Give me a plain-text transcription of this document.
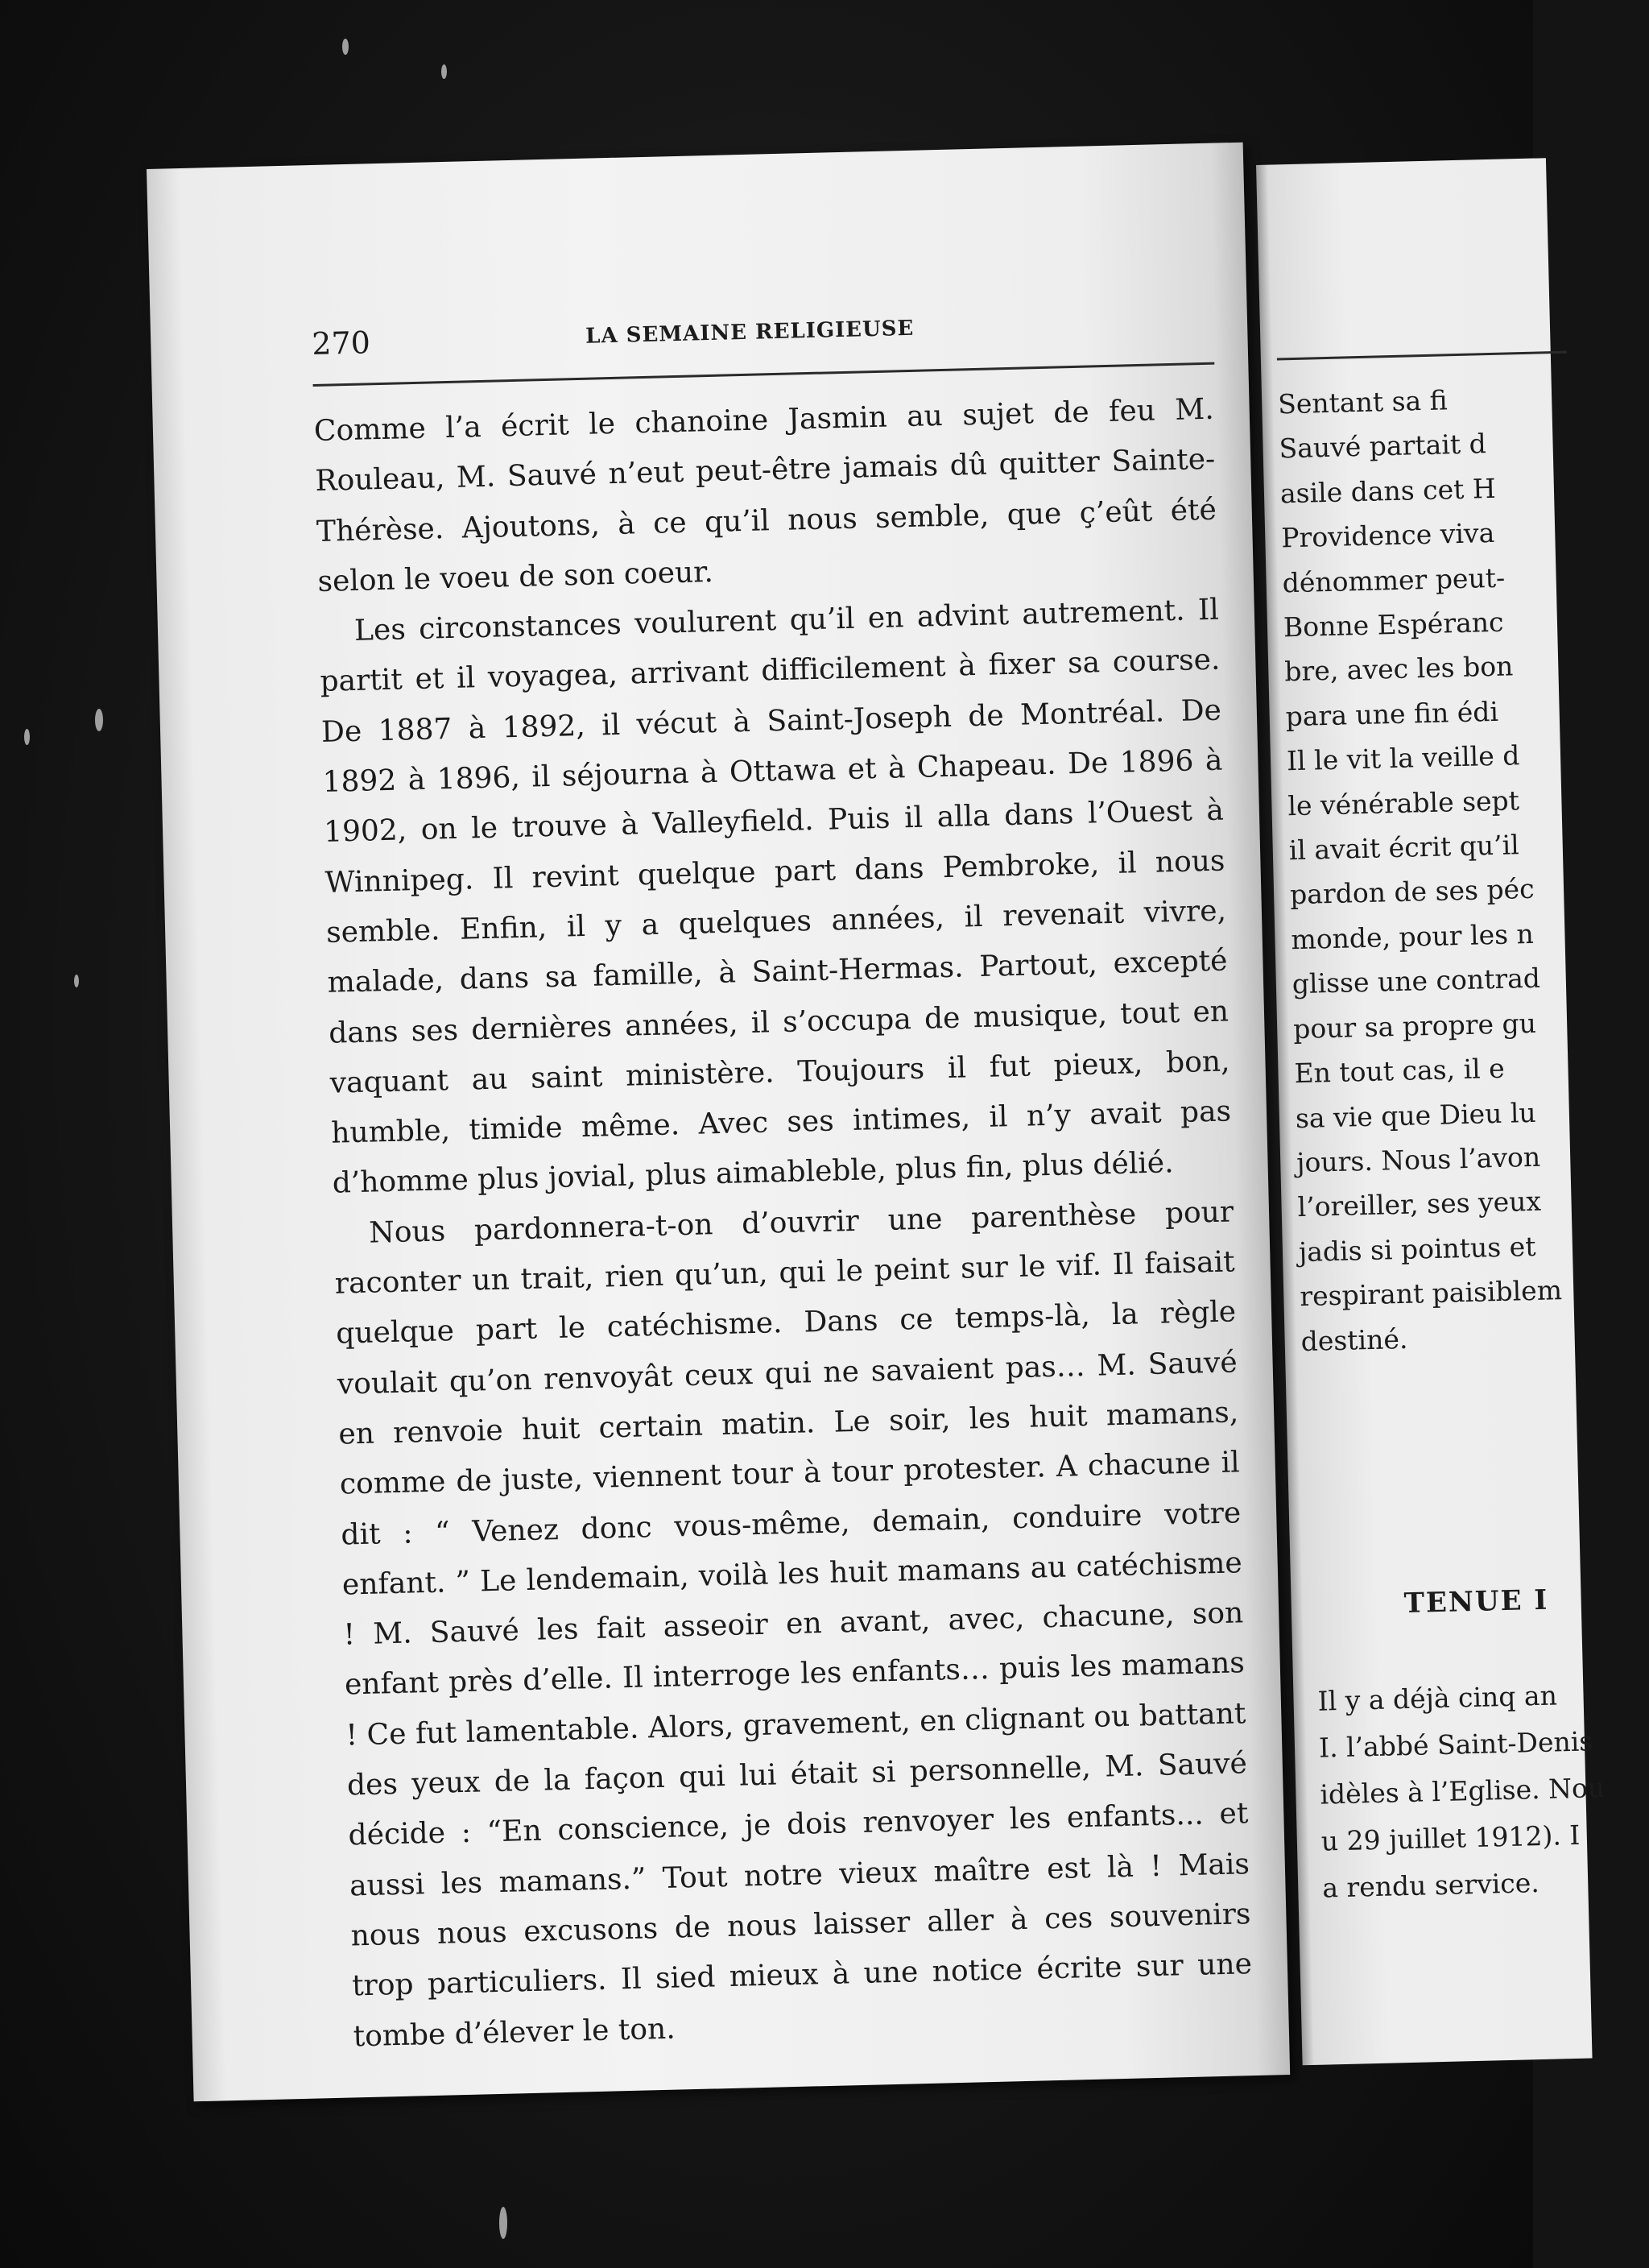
270	LA SEMAINE RELIGIEUSE

Comme l’a écrit le chanoine Jasmin au sujet de feu M. Rouleau, M. Sauvé n’eut peut-être jamais dû quitter Sainte-Thérèse. Ajoutons, à ce qu’il nous semble, que ç’eût été selon le voeu de son coeur.

Les circonstances voulurent qu’il en advint autrement. Il partit et il voyagea, arrivant difficilement à fixer sa course. De 1887 à 1892, il vécut à Saint-Joseph de Montréal. De 1892 à 1896, il séjourna à Ottawa et à Chapeau. De 1896 à 1902, on le trouve à Valleyfield. Puis il alla dans l’Ouest à Winnipeg. Il revint quelque part dans Pembroke, il nous semble. Enfin, il y a quelques années, il revenait vivre, malade, dans sa famille, à Saint-Hermas. Partout, excepté dans ses dernières années, il s’occupa de musique, tout en vaquant au saint ministère. Toujours il fut pieux, bon, humble, timide même. Avec ses intimes, il n’y avait pas d’homme plus jovial, plus aimableble, plus fin, plus délié.

Nous pardonnera-t-on d’ouvrir une parenthèse pour raconter un trait, rien qu’un, qui le peint sur le vif. Il faisait quelque part le catéchisme. Dans ce temps-là, la règle voulait qu’on renvoyât ceux qui ne savaient pas… M. Sauvé en renvoie huit certain matin. Le soir, les huit mamans, comme de juste, viennent tour à tour protester. A chacune il dit : “ Venez donc vous-même, demain, conduire votre enfant. ” Le lendemain, voilà les huit mamans au catéchisme ! M. Sauvé les fait asseoir en avant, avec, chacune, son enfant près d’elle. Il interroge les enfants… puis les mamans ! Ce fut lamentable. Alors, gravement, en clignant ou battant des yeux de la façon qui lui était si personnelle, M. Sauvé décide : “En conscience, je dois renvoyer les enfants... et aussi les mamans.” Tout notre vieux maître est là ! Mais nous nous excusons de nous laisser aller à ces souvenirs trop particuliers. Il sied mieux à une notice écrite sur une tombe d’élever le ton.

Sentant sa fi
Sauvé partait d
asile dans cet H
Providence viva
dénommer peut-
Bonne Espéranc
bre, avec les bon
para une fin édi
Il le vit la veille d
le vénérable sept
il avait écrit qu’il
pardon de ses péc
monde, pour les n
glisse une contrad
pour sa propre gu
En tout cas, il e
sa vie que Dieu lu
jours. Nous l’avon
l’oreiller, ses yeux
jadis si pointus et
respirant paisiblem
destiné.
TENUE I
Il y a déjà cinq an
I. l’abbé Saint-Denis
idèles à l’Eglise. Nou
u 29 juillet 1912). I
a rendu service.
